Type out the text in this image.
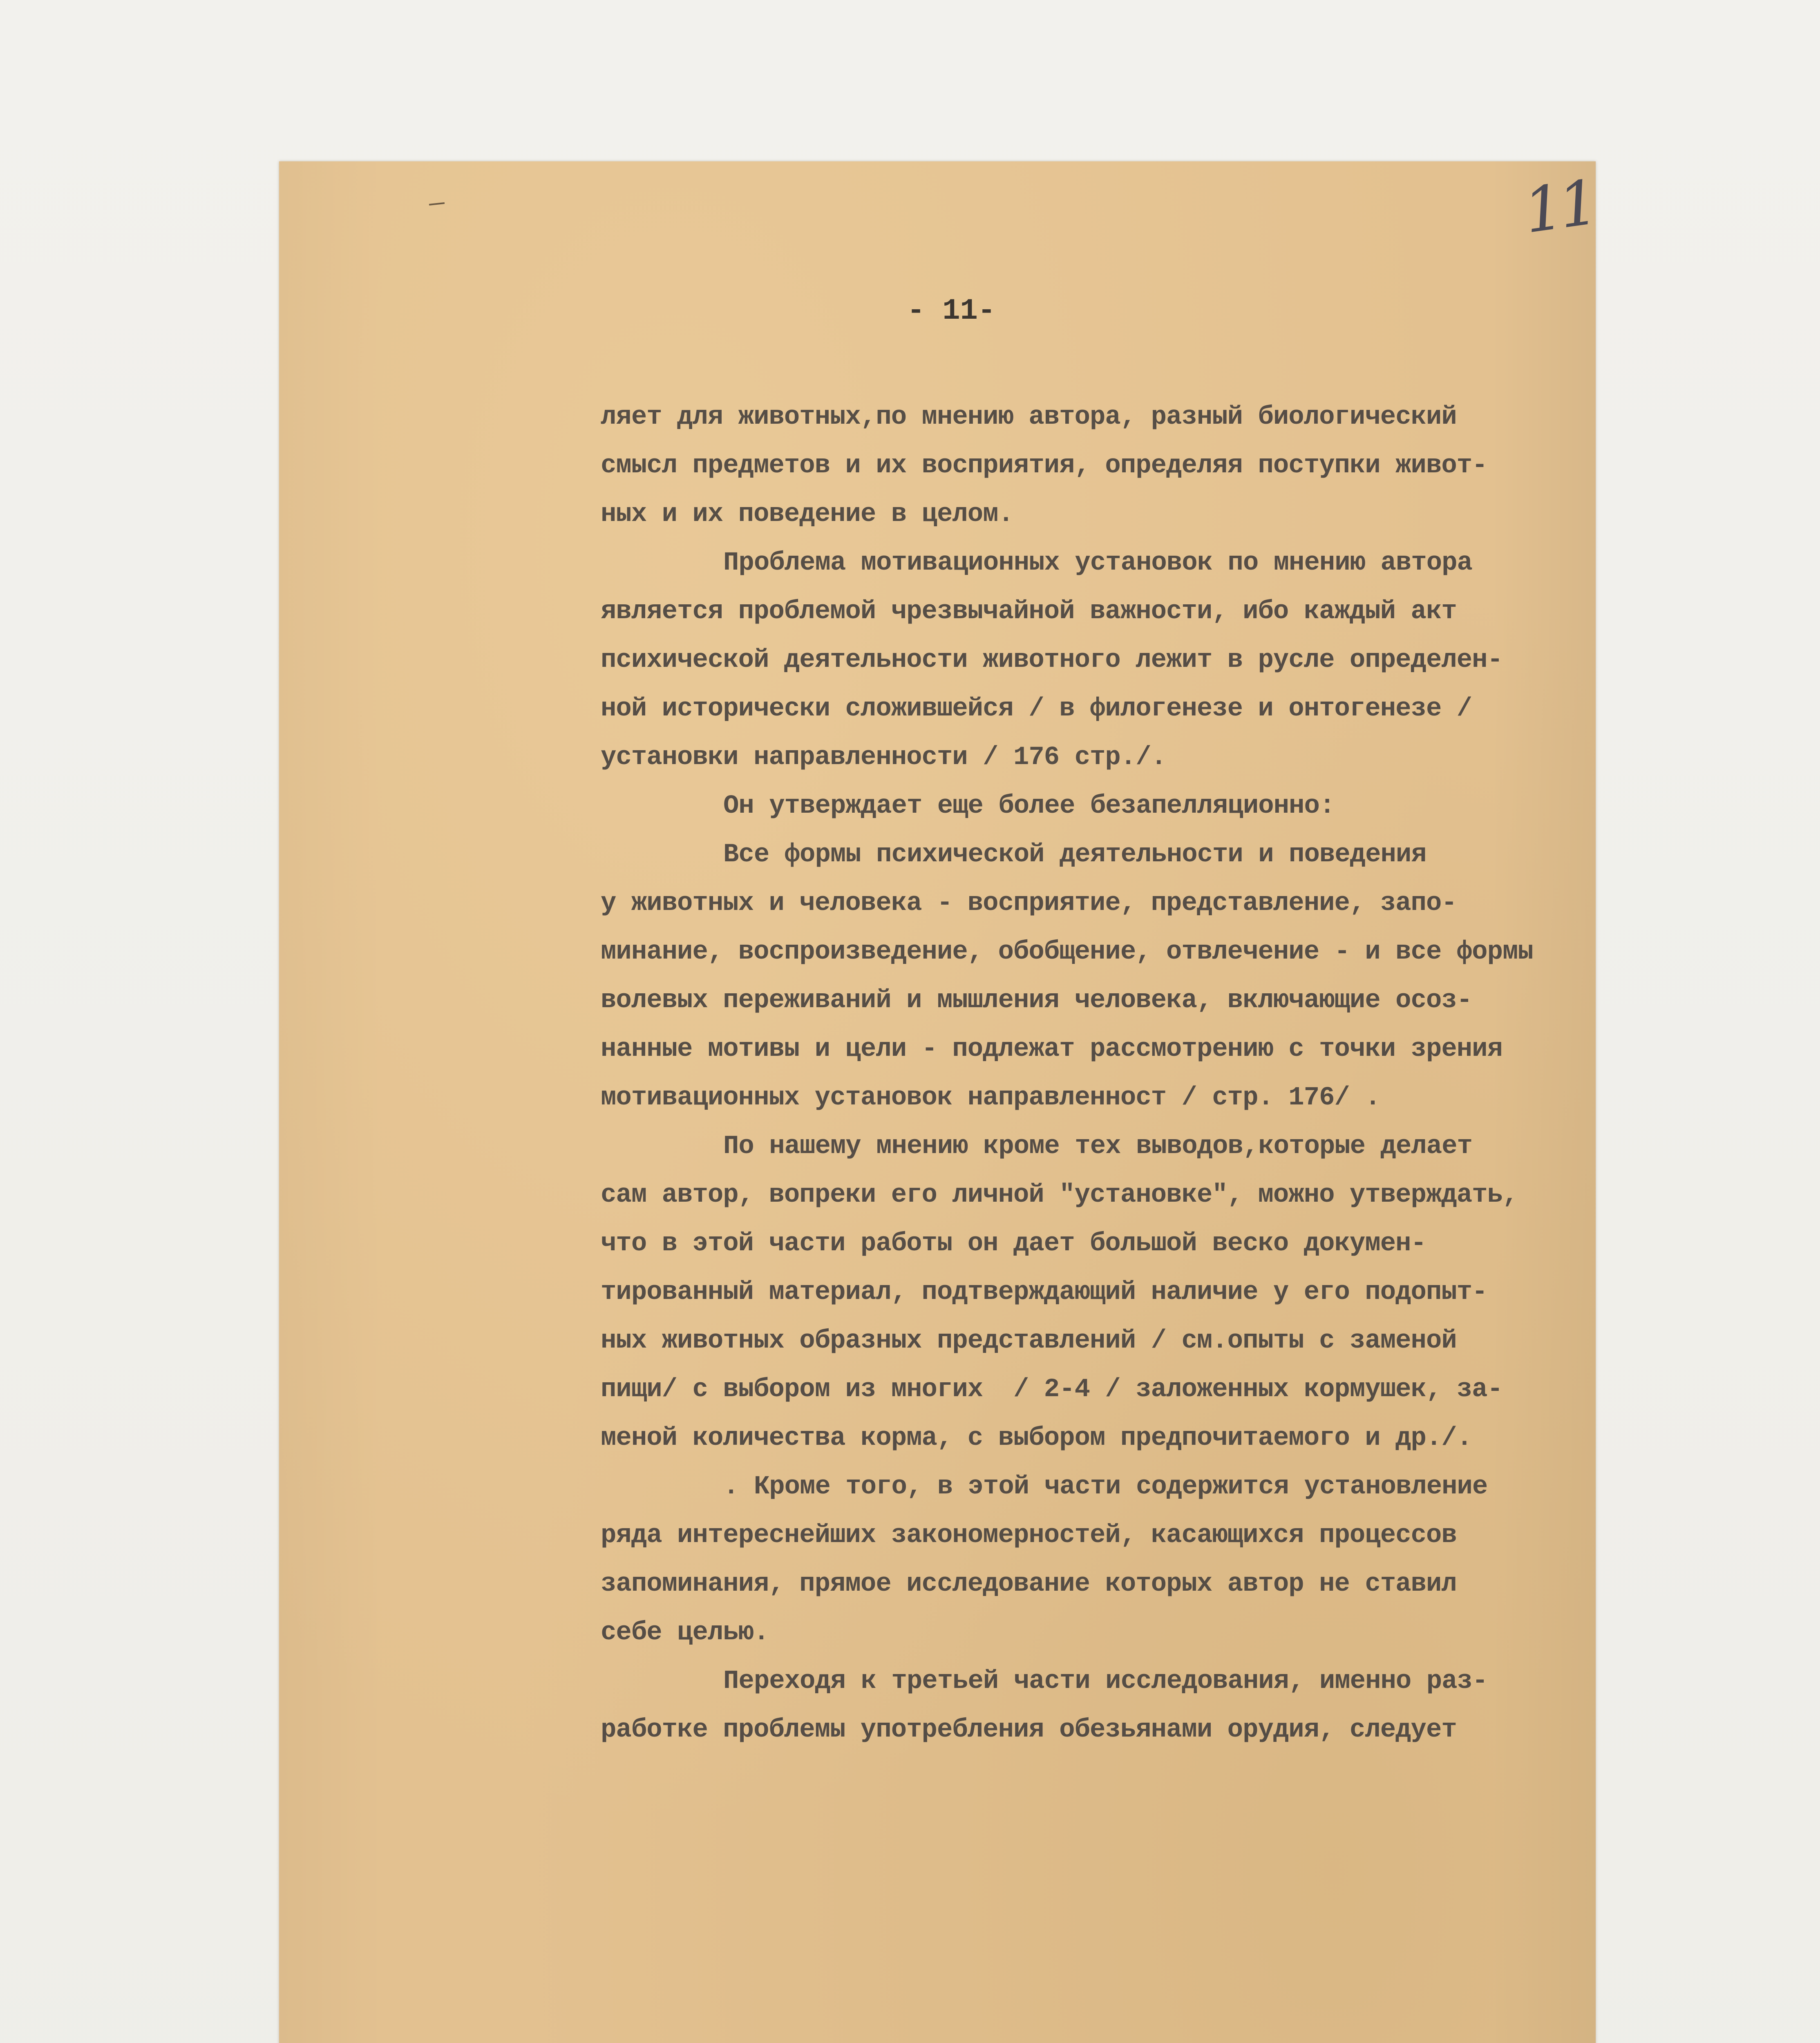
11
- 11-
ляет для животных,по мнению автора, разный биологический
смысл предметов и их восприятия, определяя поступки живот-
ных и их поведение в целом.
Проблема мотивационных установок по мнению автора
является проблемой чрезвычайной важности, ибо каждый акт
психической деятельности животного лежит в русле определен-
ной исторически сложившейся / в филогенезе и онтогенезе /
установки направленности / 176 стр./.
Он утверждает еще более безапелляционно:
Все формы психической деятельности и поведения
у животных и человека - восприятие, представление, запо-
минание, воспроизведение, обобщение, отвлечение - и все формы
волевых переживаний и мышления человека, включающие осоз-
нанные мотивы и цели - подлежат рассмотрению с точки зрения
мотивационных установок направленност / стр. 176/ .
По нашему мнению кроме тех выводов,которые делает
сам автор, вопреки его личной "установке", можно утверждать,
что в этой части работы он дает большой веско докумен-
тированный материал, подтверждающий наличие у его подопыт-
ных животных образных представлений / см.опыты с заменой
пищи/ с выбором из многих  / 2-4 / заложенных кормушек, за-
меной количества корма, с выбором предпочитаемого и др./.
. Кроме того, в этой части содержится установление
ряда интереснейших закономерностей, касающихся процессов
запоминания, прямое исследование которых автор не ставил
себе целью.
Переходя к третьей части исследования, именно раз-
работке проблемы употребления обезьянами орудия, следует
